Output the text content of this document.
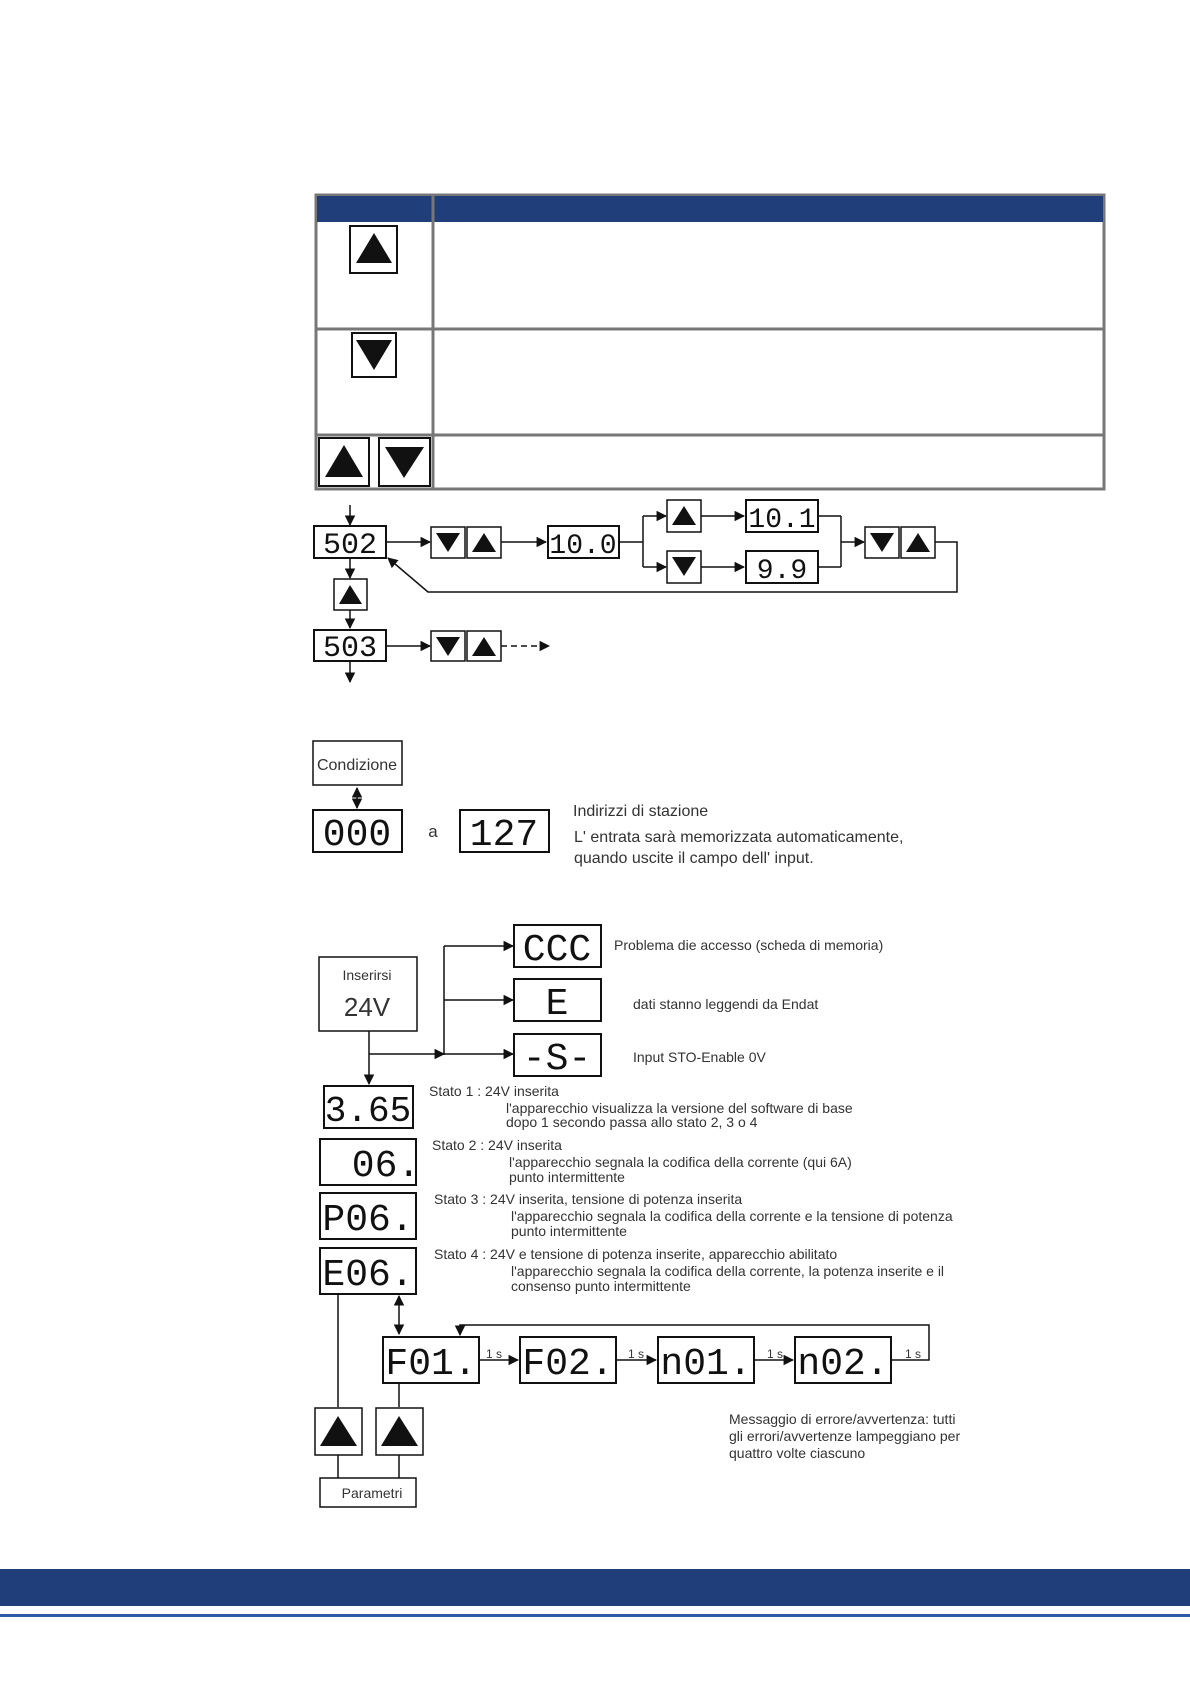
502	10.0
10.1
9.9
503
Condizione
000 a 127
Indirizzi di stazione
L' entrata sarà memorizzata automaticamente,
quando uscite il campo dell' input.
Inserirsi
24V
CCC Problema die accesso (scheda di memoria)
E	dati stanno leggendi da Endat
-S-	Input STO-Enable 0V
3.65 Stato 1 : 24V inserita
l'apparecchio visualizza la versione del software di base
dopo 1 secondo passa allo stato 2, 3 o 4
06. Stato 2 : 24V inserita
l'apparecchio segnala la codifica della corrente (qui 6A)
punto intermittente
P06. Stato 3 : 24V inserita, tensione di potenza inserita
l'apparecchio segnala la codifica della corrente e la tensione di potenza
punto intermittente
E06. Stato 4 : 24V e tensione di potenza inserite, apparecchio abilitato
l'apparecchio segnala la codifica della corrente, la potenza inserite e il
consenso punto intermittente
F01. 1 s F02. 1 s n01. 1 s n02. 1 s
Messaggio di errore/avvertenza: tutti
gli errori/avvertenze lampeggiano per
quattro volte ciascuno
Parametri
